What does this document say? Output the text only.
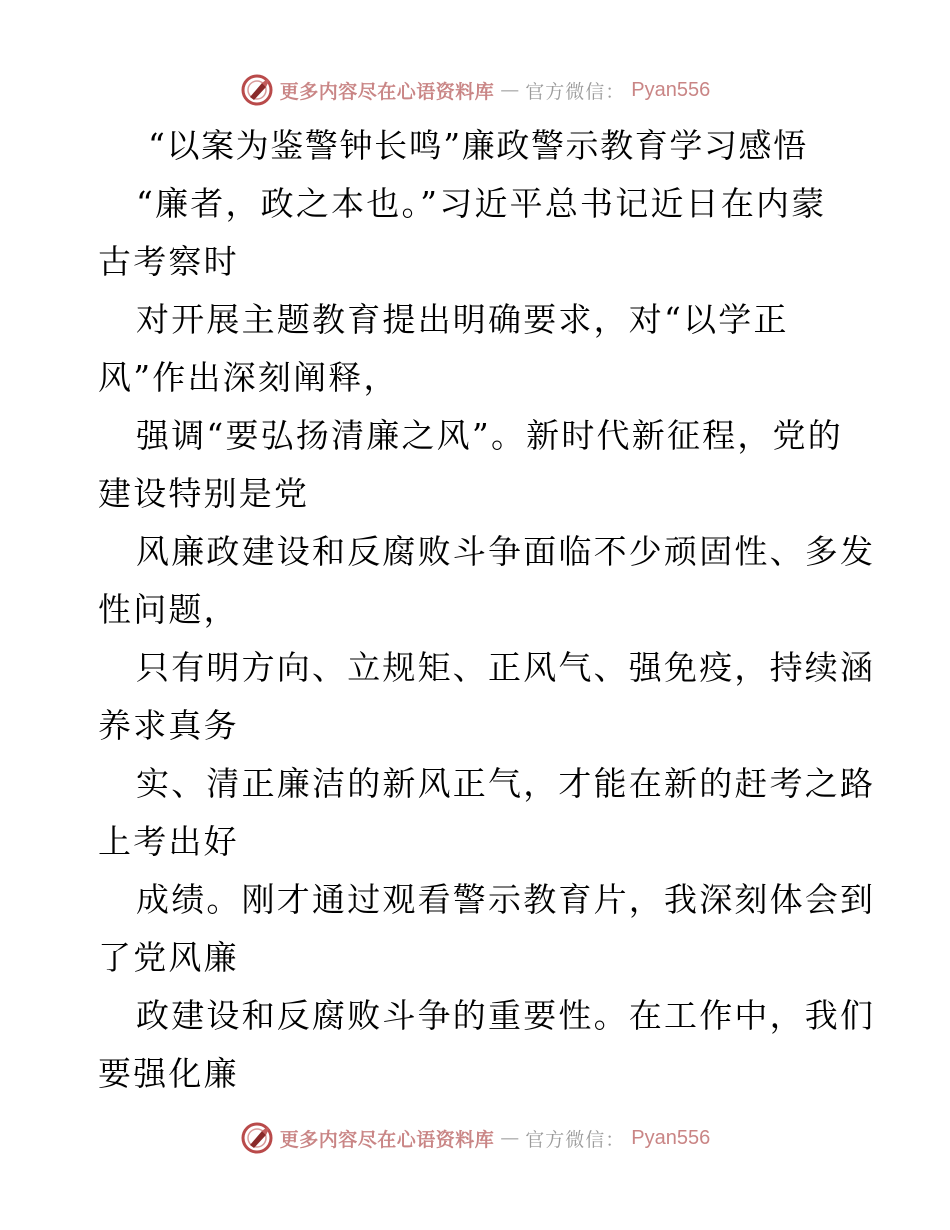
更多内容尽在心语资料库 — 官方微信： Pyan556
“以案为鉴警钟长鸣”廉政警示教育学习感悟
“廉者，政之本也。”习近平总书记近日在内蒙
古考察时
对开展主题教育提出明确要求，对“以学正
风”作出深刻阐释，
强调“要弘扬清廉之风”。新时代新征程，党的
建设特别是党
风廉政建设和反腐败斗争面临不少顽固性、多发
性问题，
只有明方向、立规矩、正风气、强免疫，持续涵
养求真务
实、清正廉洁的新风正气，才能在新的赶考之路
上考出好
成绩。刚才通过观看警示教育片，我深刻体会到
了党风廉
政建设和反腐败斗争的重要性。在工作中，我们
要强化廉
更多内容尽在心语资料库 — 官方微信： Pyan556
